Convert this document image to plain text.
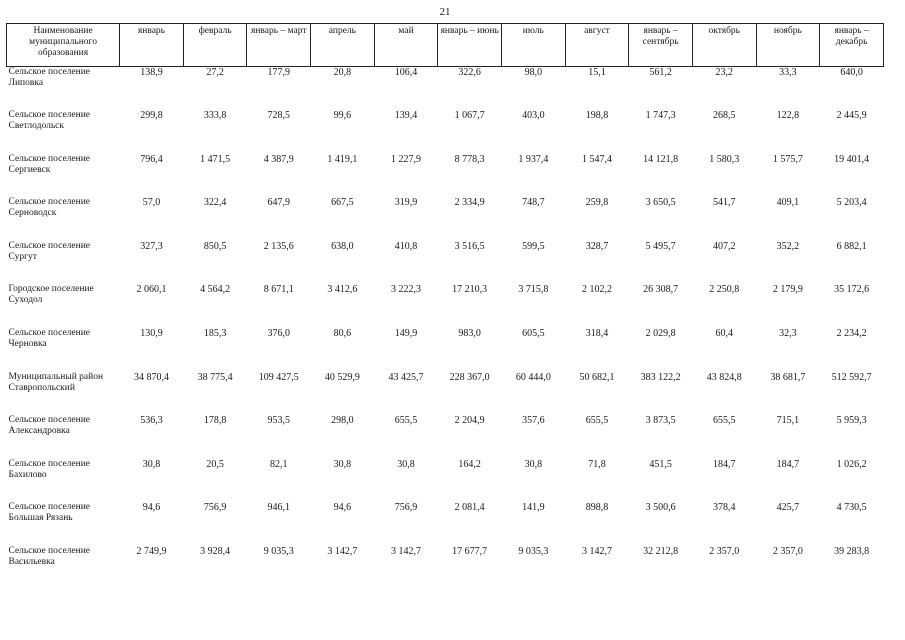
21
Наименование муниципального образования	январь	февраль	январь – март	апрель	май	январь – июнь	июль	август	январь – сентябрь	октябрь	ноябрь	январь – декабрь
Сельское поселение Липовка	138,9	27,2	177,9	20,8	106,4	322,6	98,0	15,1	561,2	23,2	33,3	640,0
Сельское поселение Светлодольск	299,8	333,8	728,5	99,6	139,4	1 067,7	403,0	198,8	1 747,3	268,5	122,8	2 445,9
Сельское поселение Сергиевск	796,4	1 471,5	4 387,9	1 419,1	1 227,9	8 778,3	1 937,4	1 547,4	14 121,8	1 580,3	1 575,7	19 401,4
Сельское поселение Серноводск	57,0	322,4	647,9	667,5	319,9	2 334,9	748,7	259,8	3 650,5	541,7	409,1	5 203,4
Сельское поселение Сургут	327,3	850,5	2 135,6	638,0	410,8	3 516,5	599,5	328,7	5 495,7	407,2	352,2	6 882,1
Городское поселение Суходол	2 060,1	4 564,2	8 671,1	3 412,6	3 222,3	17 210,3	3 715,8	2 102,2	26 308,7	2 250,8	2 179,9	35 172,6
Сельское поселение Черновка	130,9	185,3	376,0	80,6	149,9	983,0	605,5	318,4	2 029,8	60,4	32,3	2 234,2
Муниципальный район Ставропольский	34 870,4	38 775,4	109 427,5	40 529,9	43 425,7	228 367,0	60 444,0	50 682,1	383 122,2	43 824,8	38 681,7	512 592,7
Сельское поселение Александровка	536,3	178,8	953,5	298,0	655,5	2 204,9	357,6	655,5	3 873,5	655,5	715,1	5 959,3
Сельское поселение Бахилово	30,8	20,5	82,1	30,8	30,8	164,2	30,8	71,8	451,5	184,7	184,7	1 026,2
Сельское поселение Большая Рязань	94,6	756,9	946,1	94,6	756,9	2 081,4	141,9	898,8	3 500,6	378,4	425,7	4 730,5
Сельское поселение Васильевка	2 749,9	3 928,4	9 035,3	3 142,7	3 142,7	17 677,7	9 035,3	3 142,7	32 212,8	2 357,0	2 357,0	39 283,8
